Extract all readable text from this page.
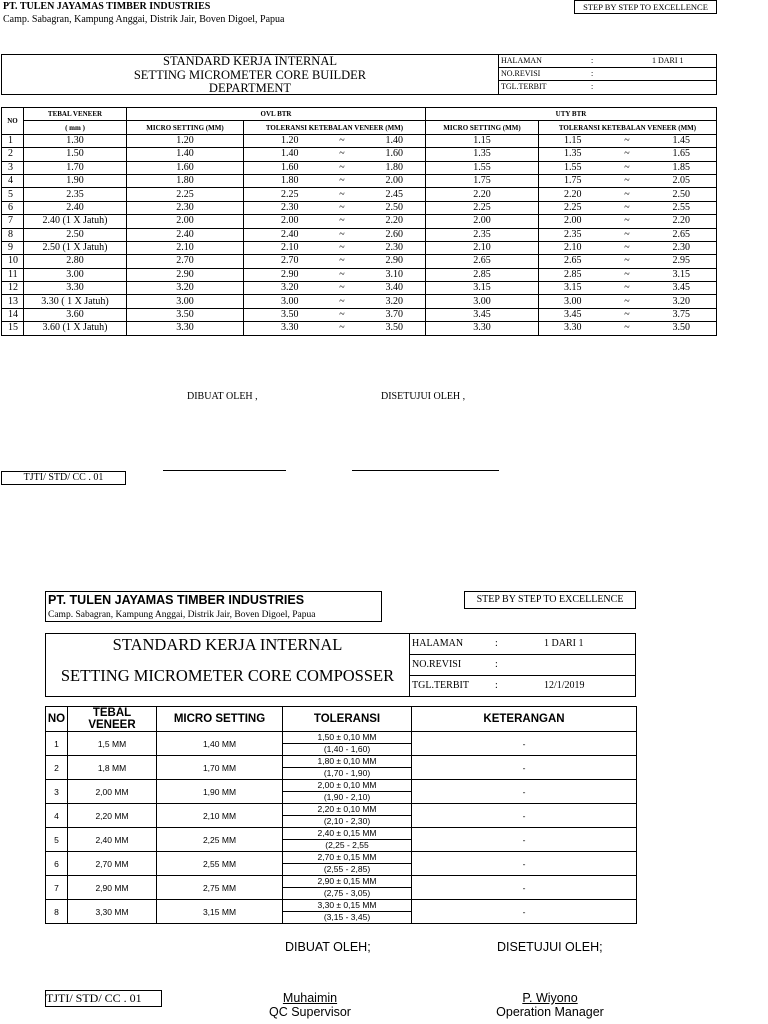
PT. TULEN JAYAMAS TIMBER INDUSTRIES
Camp. Sabagran, Kampung Anggai, Distrik Jair, Boven Digoel, Papua
STEP BY STEP TO EXCELLENCE
STANDARD KERJA INTERNAL
SETTING MICROMETER CORE BUILDER
DEPARTMENT
HALAMAN	:	1 DARI 1
NO.REVISI	:
TGL.TERBIT	:
NO	TEBAL VENEER	OVL BTR		UTY BTR	
	( mm )	MICRO SETTING (MM)	TOLERANSI KETEBALAN VENEER (MM)	MICRO SETTING (MM)	TOLERANSI KETEBALAN VENEER (MM)
1	1.30	1.20	1.20 ~ 1.40	1.15	1.15 ~ 1.45

2	1.50	1.40	1.40 ~ 1.60	1.35	1.35 ~ 1.65

3	1.70	1.60	1.60 ~ 1.80	1.55	1.55 ~ 1.85

4	1.90	1.80	1.80 ~ 2.00	1.75	1.75 ~ 2.05

5	2.35	2.25	2.25 ~ 2.45	2.20	2.20 ~ 2.50

6	2.40	2.30	2.30 ~ 2.50	2.25	2.25 ~ 2.55

7	2.40 (1 X Jatuh)	2.00	2.00 ~ 2.20	2.00	2.00 ~ 2.20

8	2.50	2.40	2.40 ~ 2.60	2.35	2.35 ~ 2.65

9	2.50 (1 X Jatuh)	2.10	2.10 ~ 2.30	2.10	2.10 ~ 2.30

10	2.80	2.70	2.70 ~ 2.90	2.65	2.65 ~ 2.95

11	3.00	2.90	2.90 ~ 3.10	2.85	2.85 ~ 3.15

12	3.30	3.20	3.20 ~ 3.40	3.15	3.15 ~ 3.45

13	3.30 ( 1 X Jatuh)	3.00	3.00 ~ 3.20	3.00	3.00 ~ 3.20

14	3.60	3.50	3.50 ~ 3.70	3.45	3.45 ~ 3.75

15	3.60 (1 X Jatuh)	3.30	3.30 ~ 3.50	3.30	3.30 ~ 3.50
DIBUAT OLEH ,	DISETUJUI OLEH ,
TJTI/ STD/ CC . 01
PT. TULEN JAYAMAS TIMBER INDUSTRIES
Camp. Sabagran, Kampung Anggai, Distrik Jair, Boven Digoel, Papua
STEP BY STEP TO EXCELLENCE
STANDARD KERJA INTERNAL
SETTING MICROMETER CORE COMPOSSER
HALAMAN	:	1 DARI 1
NO.REVISI	:
TGL.TERBIT	:	12/1/2019
NO	TEBAL VENEER	MICRO SETTING	TOLERANSI	KETERANGAN
1	1,5 MM	1,40 MM	1,50 ± 0,10 MM	-
			(1,40 - 1,60)	
2	1,8 MM	1,70 MM	1,80 ± 0,10 MM	-
			(1,70 - 1,90)	
3	2,00 MM	1,90 MM	2,00 ± 0,10 MM	-
			(1,90 - 2,10)	
4	2,20 MM	2,10 MM	2,20 ± 0,10 MM	-
			(2,10 - 2,30)	
5	2,40 MM	2,25 MM	2,40 ± 0,15 MM	-
			(2,25 - 2,55	
6	2,70 MM	2,55 MM	2,70 ± 0,15 MM	-
			(2,55 - 2,85)	
7	2,90 MM	2,75 MM	2,90 ± 0,15 MM	-
			(2,75 - 3,05)	
8	3,30 MM	3,15 MM	3,30 ± 0,15 MM	-
			(3,15 - 3,45)	
DIBUAT OLEH;	DISETUJUI OLEH;
TJTI/ STD/ CC . 01	Muhaimin
QC Supervisor
P. Wiyono
Operation Manager
